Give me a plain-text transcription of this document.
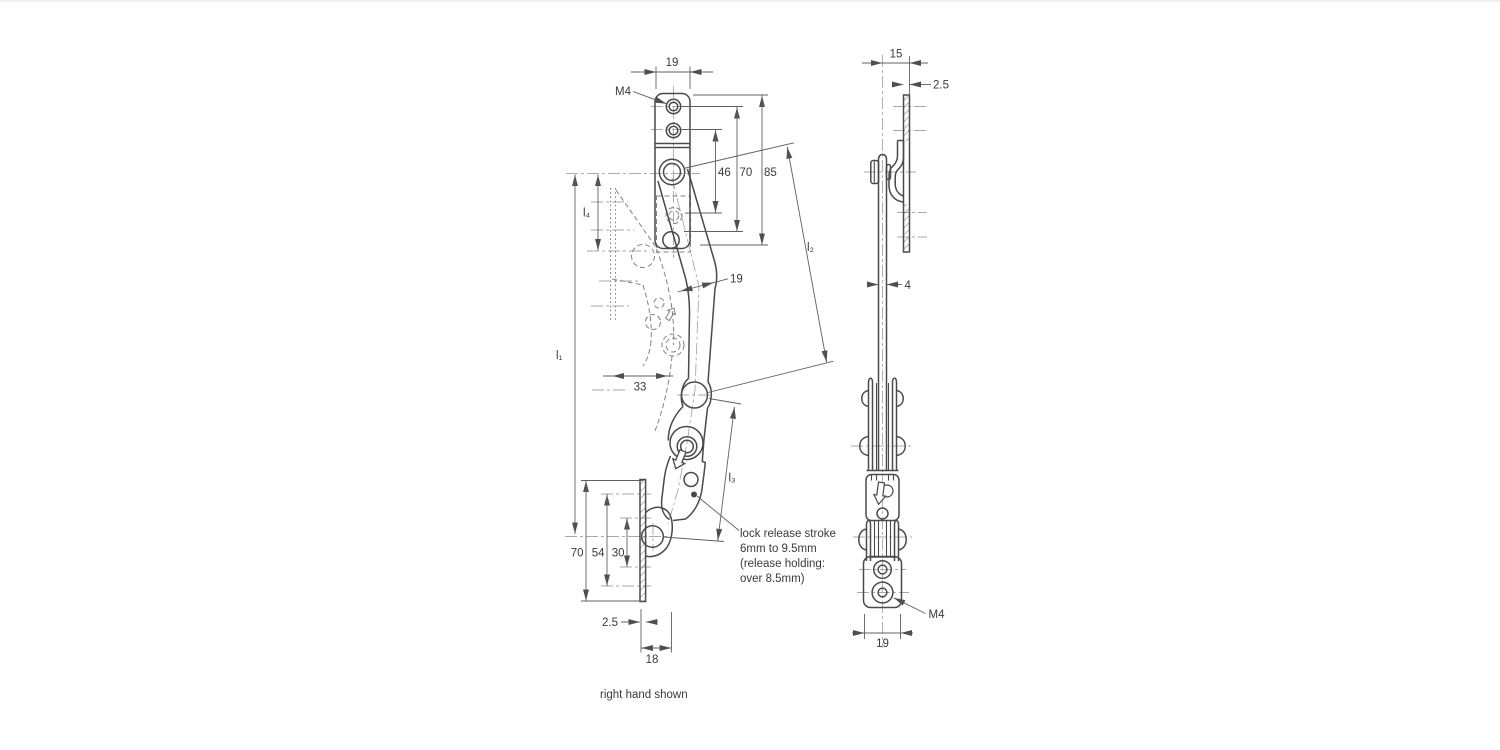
19
M4
46 70 85
l₂
l₄
l₁
19
33
l₃
70 54 30
2.5
18
lock release stroke
6mm to 9.5mm
(release holding:
over 8.5mm)
right hand shown
15
2.5
4
M4
19
